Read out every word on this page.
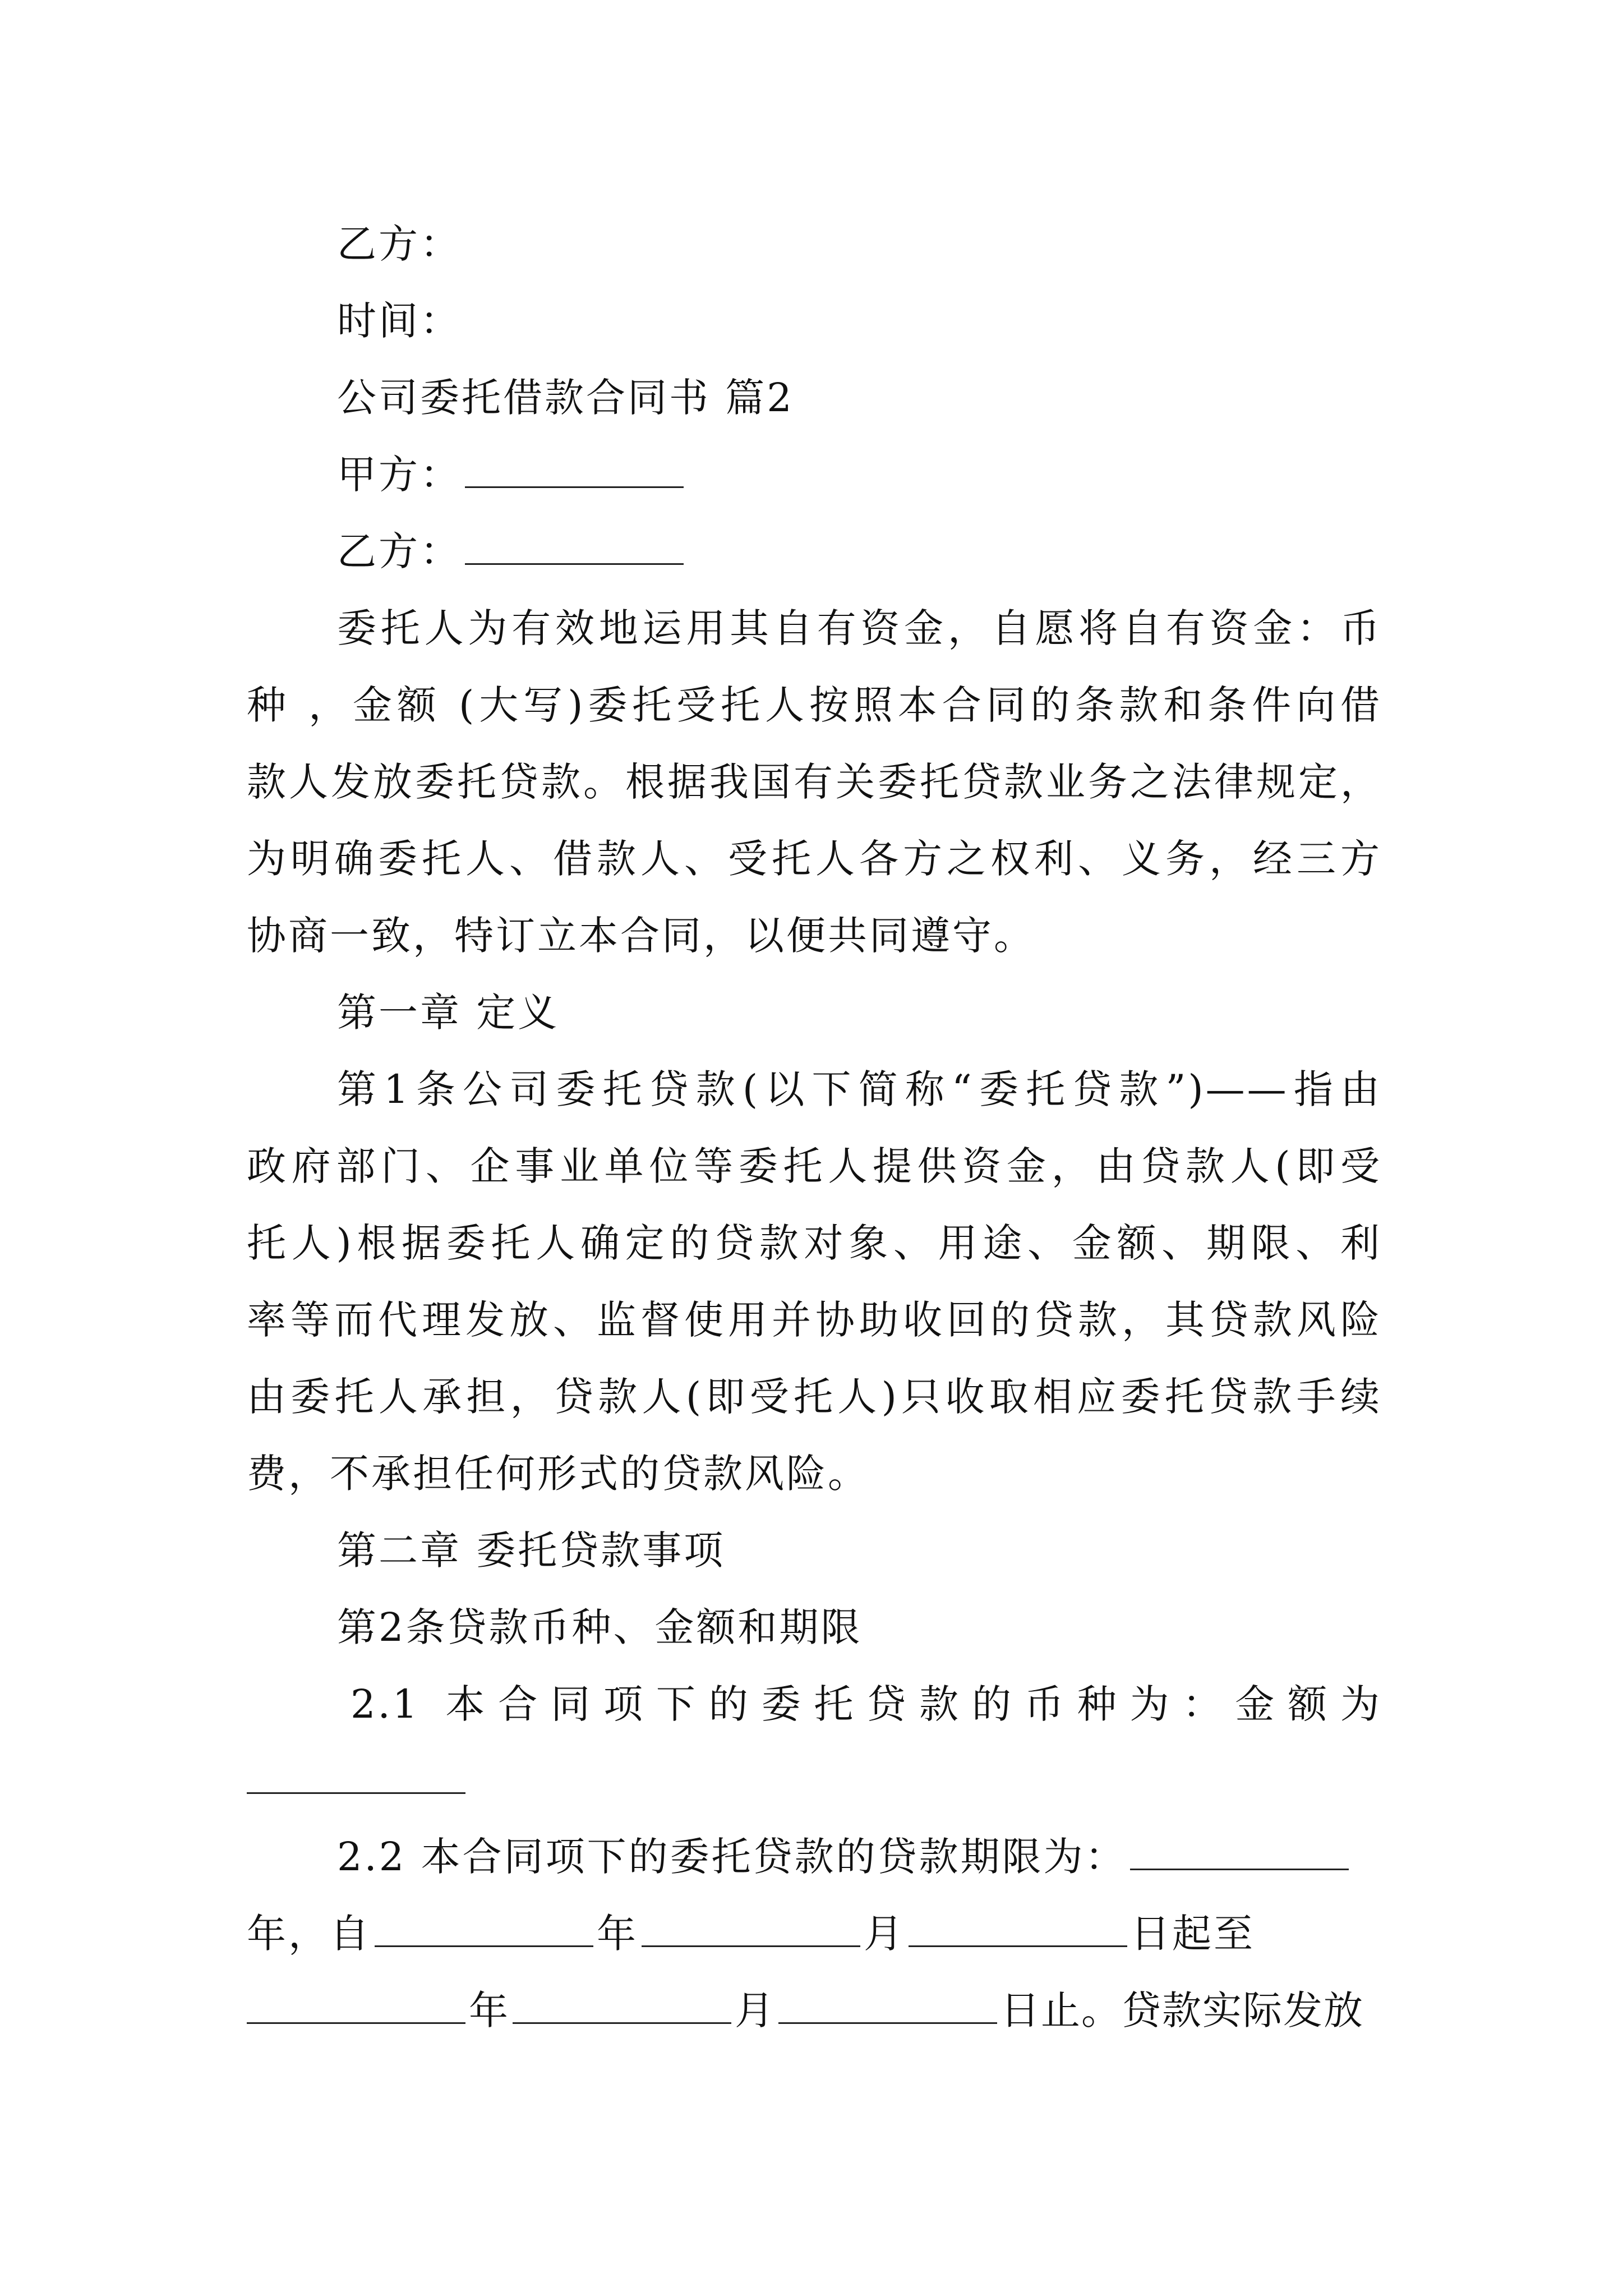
乙方：
时间：
公司委托借款合同书 篇2
甲方：
乙方：
委托人为有效地运用其自有资金，自愿将自有资金：币
种 ，金额 (大写)委托受托人按照本合同的条款和条件向借
款人发放委托贷款。根据我国有关委托贷款业务之法律规定，
为明确委托人、借款人、受托人各方之权利、义务，经三方
协商一致，特订立本合同，以便共同遵守。
第一章 定义
第1条公司委托贷款(以下简称“委托贷款”)——指由
政府部门、企事业单位等委托人提供资金，由贷款人(即受
托人)根据委托人确定的贷款对象、用途、金额、期限、利
率等而代理发放、监督使用并协助收回的贷款，其贷款风险
由委托人承担，贷款人(即受托人)只收取相应委托贷款手续
费，不承担任何形式的贷款风险。
第二章 委托贷款事项
第2条贷款币种、金额和期限
2.1 本合同项下的委托贷款的币种为：金额为
2.2 本合同项下的委托贷款的贷款期限为：
年，自	年	月	日起至
年	月	日止。贷款实际发放
